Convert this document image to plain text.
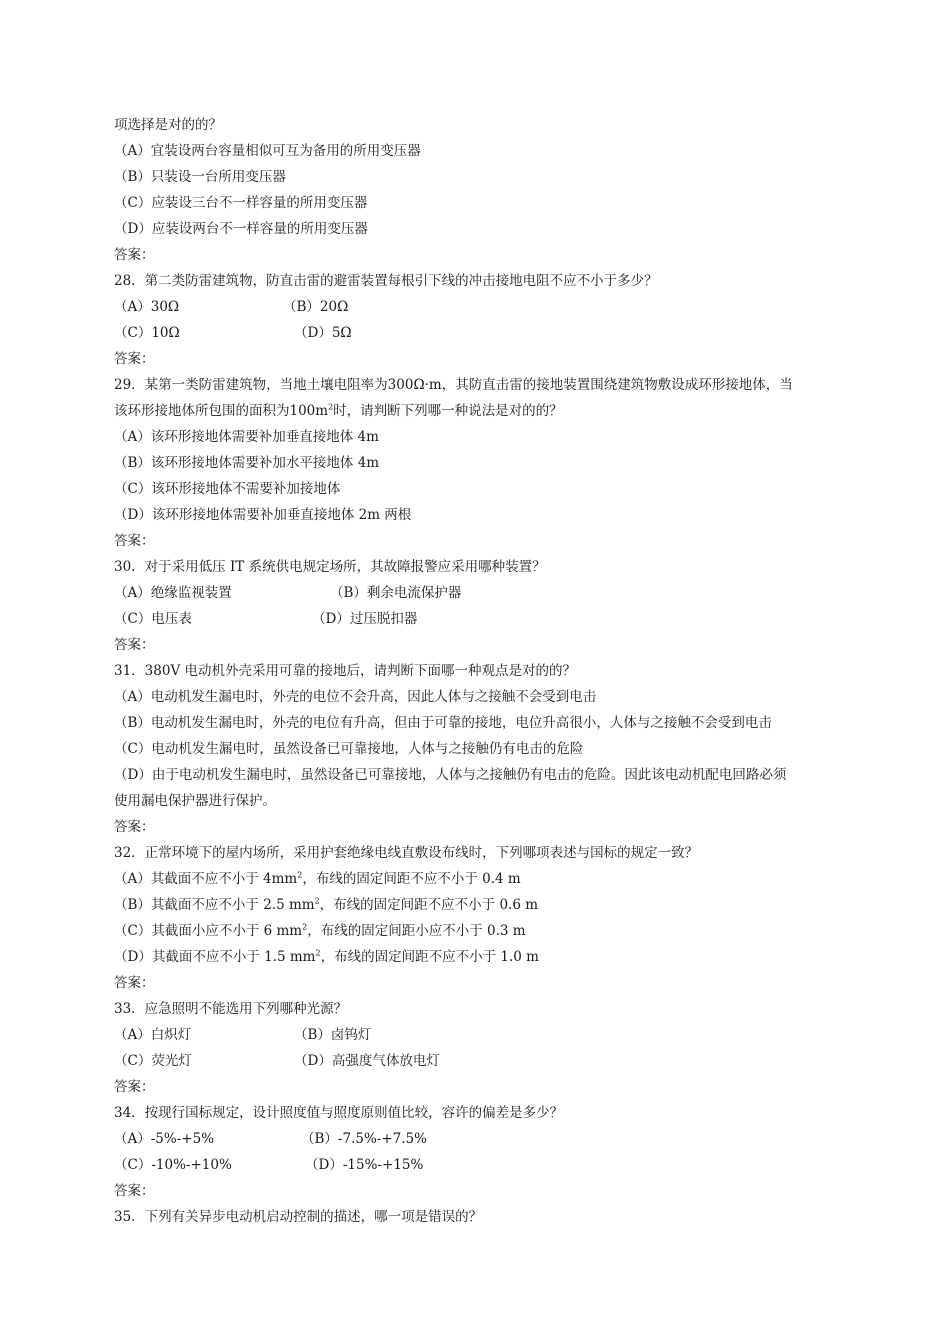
项选择是对的的？
（A）宜装设两台容量相似可互为备用的所用变压器
（B）只装设一台所用变压器
（C）应装设三台不一样容量的所用变压器
（D）应装设两台不一样容量的所用变压器
答案：
28．第二类防雷建筑物，防直击雷的避雷装置每根引下线的冲击接地电阻不应不小于多少？
（A）30Ω	（B）20Ω
（C）10Ω	（D）5Ω
答案：
29．某第一类防雷建筑物，当地土壤电阻率为300Ω·m，其防直击雷的接地装置围绕建筑物敷设成环形接地体，当
该环形接地体所包围的面积为$100m^2$时，请判断下列哪一种说法是对的的？
（A）该环形接地体需要补加垂直接地体 4m
（B）该环形接地体需要补加水平接地体 4m
（C）该环形接地体不需要补加接地体
（D）该环形接地体需要补加垂直接地体 2m 两根
答案：
30．对于采用低压 IT 系统供电规定场所，其故障报警应采用哪种装置？
（A）绝缘监视装置	（B）剩余电流保护器
（C）电压表	（D）过压脱扣器
答案：
31．380V 电动机外壳采用可靠的接地后，请判断下面哪一种观点是对的的？
（A）电动机发生漏电时，外壳的电位不会升高，因此人体与之接触不会受到电击
（B）电动机发生漏电时，外壳的电位有升高，但由于可靠的接地，电位升高很小，人体与之接触不会受到电击
（C）电动机发生漏电时，虽然设备已可靠接地，人体与之接触仍有电击的危险
（D）由于电动机发生漏电时，虽然设备已可靠接地，人体与之接触仍有电击的危险。因此该电动机配电回路必须
使用漏电保护器进行保护。
答案：
32．正常环境下的屋内场所，采用护套绝缘电线直敷设布线时，下列哪项表述与国标的规定一致？
（A）其截面不应不小于 $4mm^2$，布线的固定间距不应不小于 0.4 m
（B）其截面不应不小于 2.5 $mm^2$，布线的固定间距不应不小于 0.6 m
（C）其截面小应不小于 6 $mm^2$，布线的固定间距小应不小于 0.3 m
（D）其截面不应不小于 1.5 $mm^2$，布线的固定间距不应不小于 1.0 m
答案：
33．应急照明不能选用下列哪种光源？
（A）白炽灯	（B）卤钨灯
（C）荧光灯	（D）高强度气体放电灯
答案：
34．按现行国标规定，设计照度值与照度原则值比较，容许的偏差是多少？
（A）-5%-+5%	（B）-7.5%-+7.5%
（C）-10%-+10%	（D）-15%-+15%
答案：
35．下列有关异步电动机启动控制的描述，哪一项是错误的？
